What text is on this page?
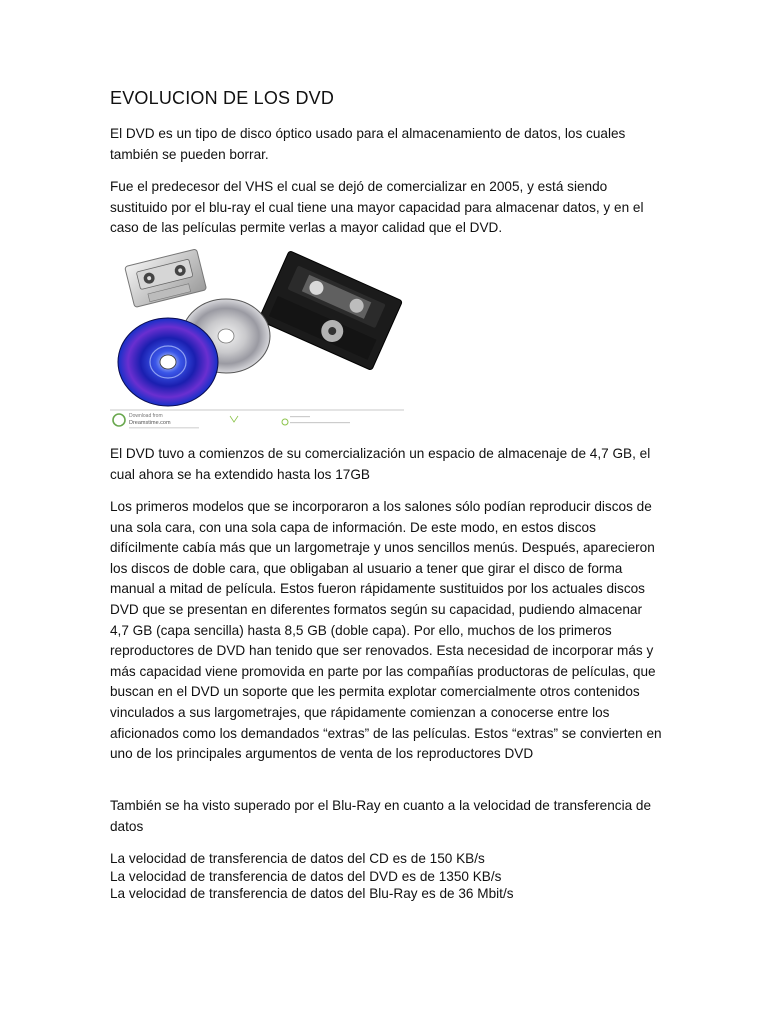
EVOLUCION DE LOS DVD

El DVD es un tipo de disco óptico usado para el almacenamiento de datos, los cuales también se pueden borrar.

Fue el predecesor del VHS el cual se dejó de comercializar en 2005, y está siendo sustituido por el blu-ray el cual tiene una mayor capacidad para almacenar datos, y en el caso de las películas permite verlas a mayor calidad que el DVD.

Download from
Dreamstime.com

El DVD tuvo a comienzos de su comercialización un espacio de almacenaje de 4,7 GB, el cual ahora se ha extendido hasta los 17GB

Los primeros modelos que se incorporaron a los salones sólo podían reproducir discos de una sola cara, con una sola capa de información. De este modo, en estos discos difícilmente cabía más que un largometraje y unos sencillos menús. Después, aparecieron los discos de doble cara, que obligaban al usuario a tener que girar el disco de forma manual a mitad de película. Estos fueron rápidamente sustituidos por los actuales discos DVD que se presentan en diferentes formatos según su capacidad, pudiendo almacenar 4,7 GB (capa sencilla) hasta 8,5 GB (doble capa). Por ello, muchos de los primeros reproductores de DVD han tenido que ser renovados. Esta necesidad de incorporar más y más capacidad viene promovida en parte por las compañías productoras de películas, que buscan en el DVD un soporte que les permita explotar comercialmente otros contenidos vinculados a sus largometrajes, que rápidamente comienzan a conocerse entre los aficionados como los demandados “extras” de las películas. Estos “extras” se convierten en uno de los principales argumentos de venta de los reproductores DVD

También se ha visto superado por el Blu-Ray en cuanto a la velocidad de transferencia de datos

La velocidad de transferencia de datos del CD es de 150 KB/s
La velocidad de transferencia de datos del DVD es de 1350 KB/s
La velocidad de transferencia de datos del Blu-Ray es de 36 Mbit/s
